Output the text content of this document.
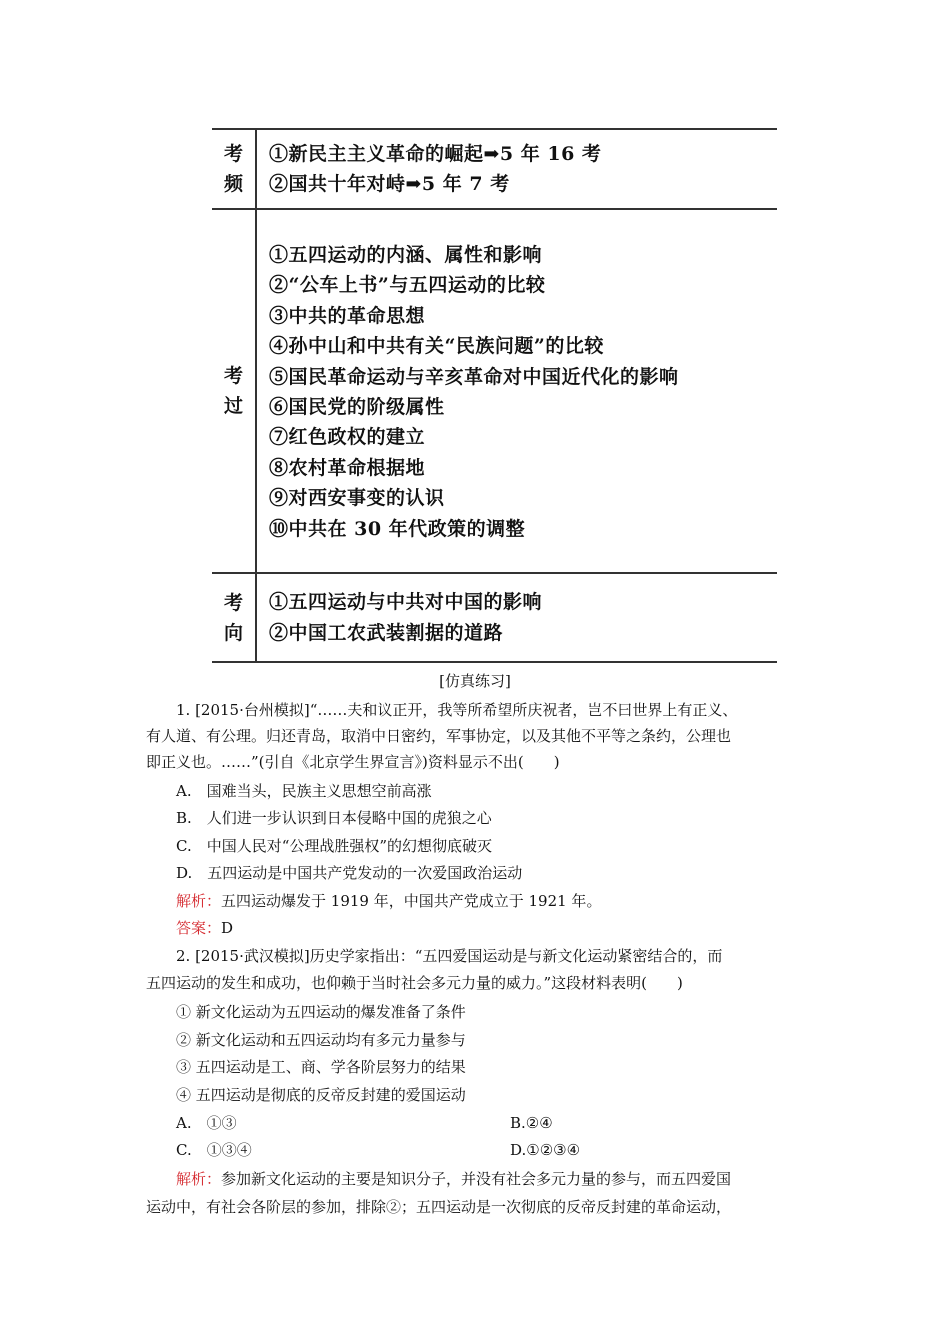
考
频
①新民主主义革命的崛起➡5 年 16 考
②国共十年对峙➡5 年 7 考
考
过
①五四运动的内涵、属性和影响
②“公车上书”与五四运动的比较
③中共的革命思想
④孙中山和中共有关“民族问题”的比较
⑤国民革命运动与辛亥革命对中国近代化的影响
⑥国民党的阶级属性
⑦红色政权的建立
⑧农村革命根据地
⑨对西安事变的认识
⑩中共在 30 年代政策的调整
考
向
①五四运动与中共对中国的影响
②中国工农武装割据的道路
[仿真练习]
1. [2015·台州模拟]“……夫和议正开，我等所希望所庆祝者，岂不曰世界上有正义、
有人道、有公理。归还青岛，取消中日密约，军事协定，以及其他不平等之条约，公理也
即正义也。……”(引自《北京学生界宣言》)资料显示不出(　　)
A.　国难当头，民族主义思想空前高涨
B.　人们进一步认识到日本侵略中国的虎狼之心
C.　中国人民对“公理战胜强权”的幻想彻底破灭
D.　五四运动是中国共产党发动的一次爱国政治运动
解析：五四运动爆发于 1919 年，中国共产党成立于 1921 年。
答案：D
2. [2015·武汉模拟]历史学家指出：“五四爱国运动是与新文化运动紧密结合的，而
五四运动的发生和成功，也仰赖于当时社会多元力量的威力。”这段材料表明(　　)
① 新文化运动为五四运动的爆发准备了条件
② 新文化运动和五四运动均有多元力量参与
③ 五四运动是工、商、学各阶层努力的结果
④ 五四运动是彻底的反帝反封建的爱国运动
A.　①③	B.②④
C.　①③④	D.①②③④
解析：参加新文化运动的主要是知识分子，并没有社会多元力量的参与，而五四爱国
运动中，有社会各阶层的参加，排除②；五四运动是一次彻底的反帝反封建的革命运动，
